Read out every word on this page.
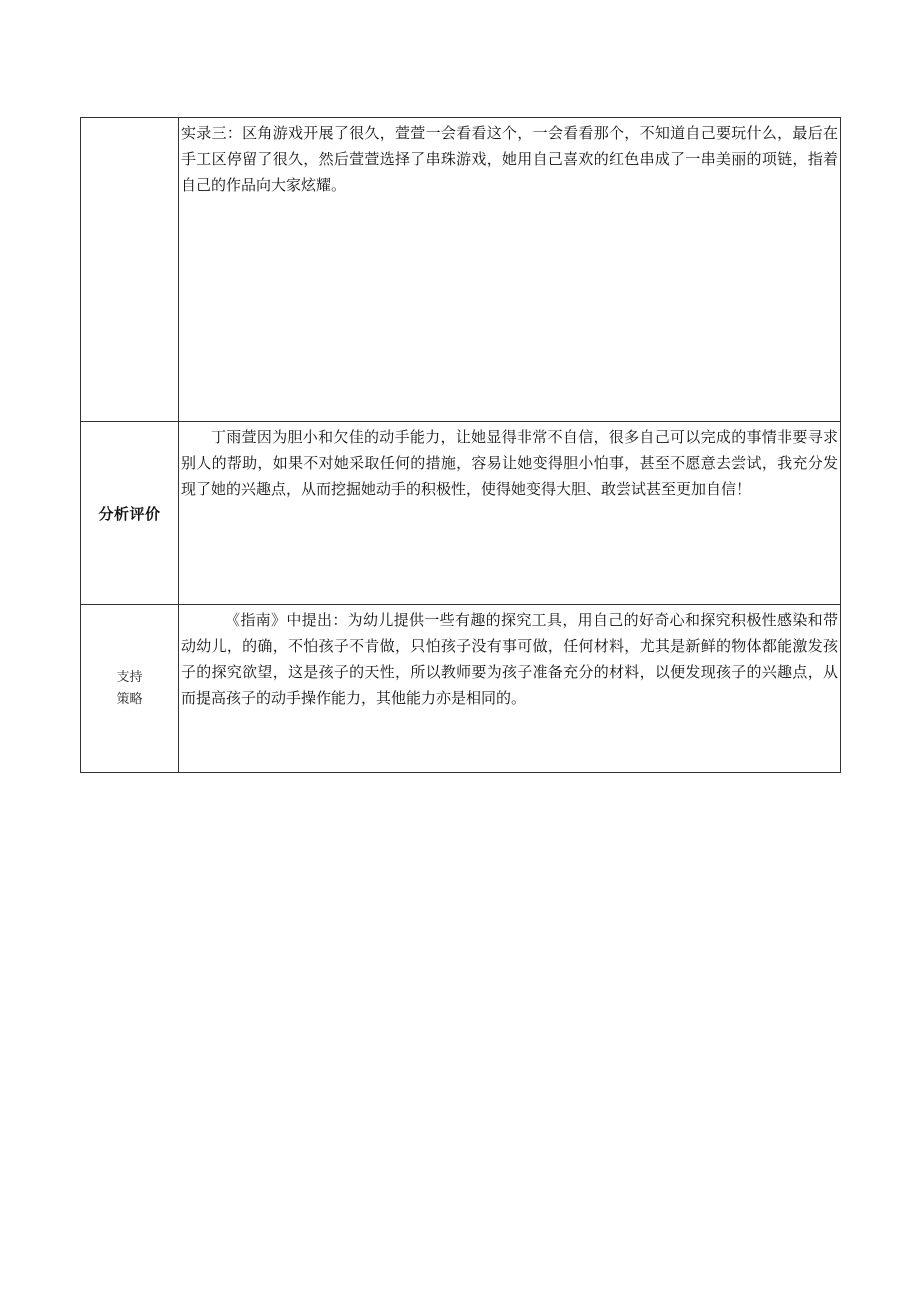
	实录三：区角游戏开展了很久，萱萱一会看看这个，一会看看那个，不知道自己要玩什么，最后在手工区停留了很久，然后萱萱选择了串珠游戏，她用自己喜欢的红色串成了一串美丽的项链，指着自己的作品向大家炫耀。

分析评价	丁雨萱因为胆小和欠佳的动手能力，让她显得非常不自信，很多自己可以完成的事情非要寻求别人的帮助，如果不对她采取任何的措施，容易让她变得胆小怕事，甚至不愿意去尝试，我充分发现了她的兴趣点，从而挖掘她动手的积极性，使得她变得大胆、敢尝试甚至更加自信！

支持
策略	《指南》中提出：为幼儿提供一些有趣的探究工具，用自己的好奇心和探究积极性感染和带动幼儿，的确，不怕孩子不肯做，只怕孩子没有事可做，任何材料，尤其是新鲜的物体都能激发孩子的探究欲望，这是孩子的天性，所以教师要为孩子准备充分的材料，以便发现孩子的兴趣点，从而提高孩子的动手操作能力，其他能力亦是相同的。
